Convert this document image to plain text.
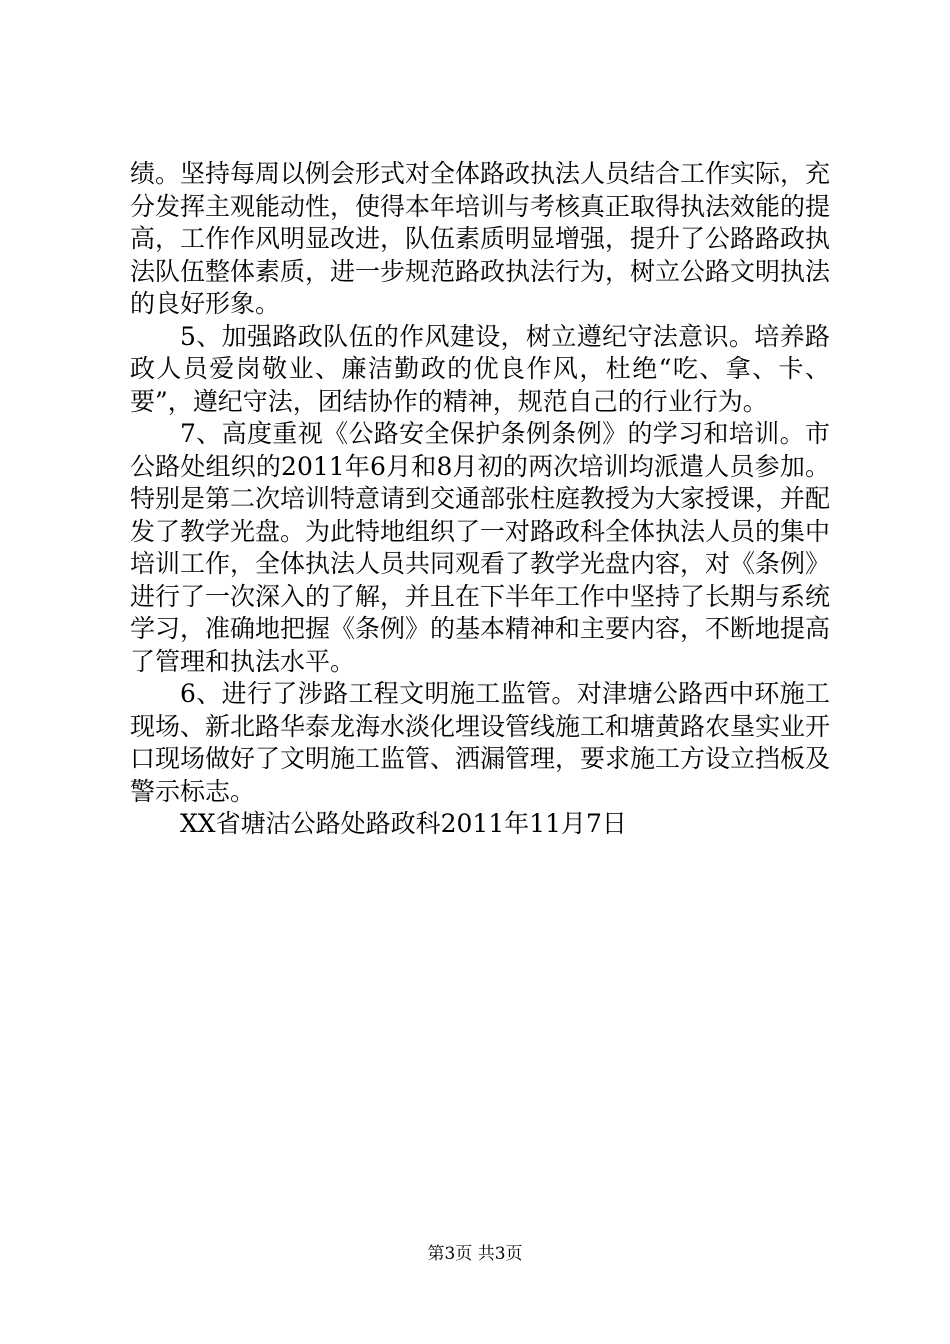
绩。坚持每周以例会形式对全体路政执法人员结合工作实际，充分发挥主观能动性，使得本年培训与考核真正取得执法效能的提高，工作作风明显改进，队伍素质明显增强，提升了公路路政执法队伍整体素质，进一步规范路政执法行为，树立公路文明执法的良好形象。

5、加强路政队伍的作风建设，树立遵纪守法意识。培养路政人员爱岗敬业、廉洁勤政的优良作风，杜绝“吃、拿、卡、要”，遵纪守法，团结协作的精神，规范自己的行业行为。

7、高度重视《公路安全保护条例条例》的学习和培训。市公路处组织的2011年6月和8月初的两次培训均派遣人员参加。特别是第二次培训特意请到交通部张柱庭教授为大家授课，并配发了教学光盘。为此特地组织了一对路政科全体执法人员的集中培训工作，全体执法人员共同观看了教学光盘内容，对《条例》进行了一次深入的了解，并且在下半年工作中坚持了长期与系统学习，准确地把握《条例》的基本精神和主要内容，不断地提高了管理和执法水平。

6、进行了涉路工程文明施工监管。对津塘公路西中环施工现场、新北路华泰龙海水淡化埋设管线施工和塘黄路农垦实业开口现场做好了文明施工监管、洒漏管理，要求施工方设立挡板及警示标志。

XX省塘沽公路处路政科2011年11月7日

第3页 共3页
